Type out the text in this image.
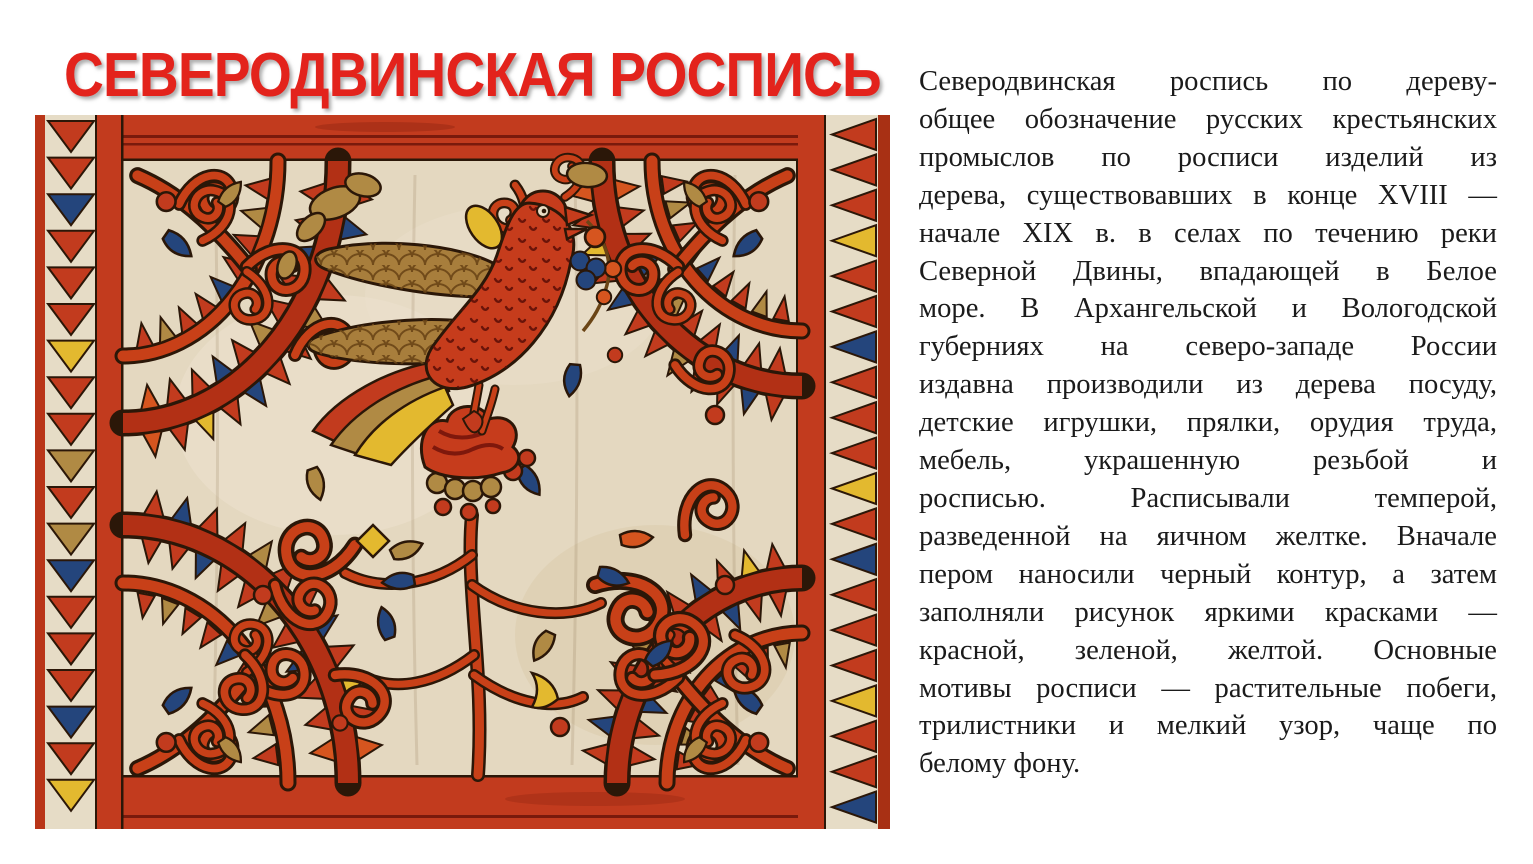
СЕВЕРОДВИНСКАЯ РОСПИСЬ Северодвинская роспись по дереву-
общее обозначение русских крестьянских
промыслов по росписи изделий из
дерева, существовавших в конце XVIII —
начале XIX в. в селах по течению реки
Северной Двины, впадающей в Белое
море. В Архангельской и Вологодской
губерниях на северо-западе России
издавна производили из дерева посуду,
детские игрушки, прялки, орудия труда,
мебель, украшенную резьбой и
росписью. Расписывали темперой,
разведенной на яичном желтке. Вначале
пером наносили черный контур, а затем
заполняли рисунок яркими красками —
красной, зеленой, желтой. Основные
мотивы росписи — растительные побеги,
трилистники и мелкий узор, чаще по
белому фону.
